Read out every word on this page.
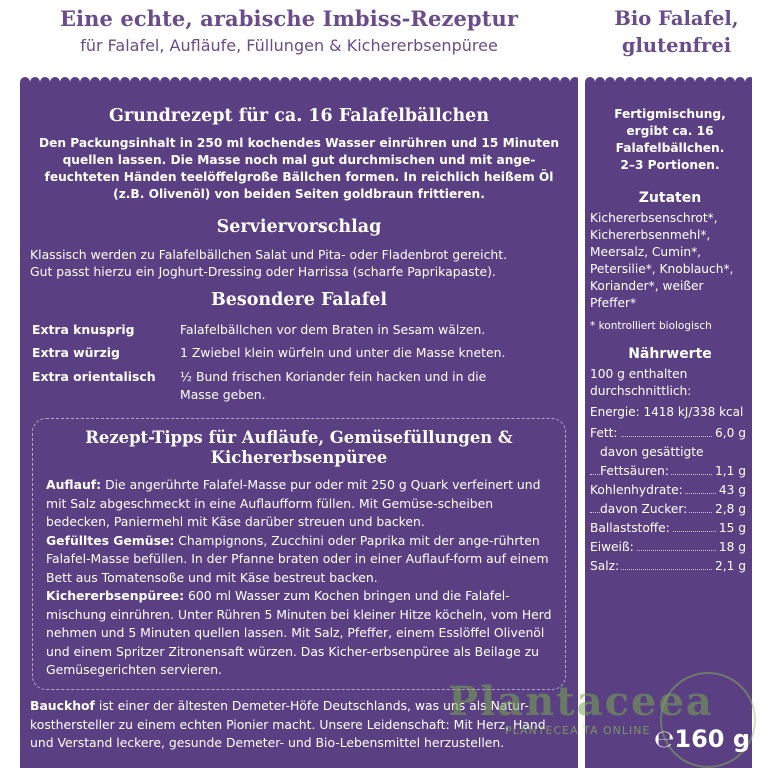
Eine echte, arabische Imbiss-Rezeptur

für Falafel, Aufläufe, Füllungen & Kichererbsenpüree

Bio Falafel,
glutenfrei
Grundrezept für ca. 16 Falafelbällchen
Den Packungsinhalt in 250 ml kochendes Wasser einrühren und 15 Minuten
quellen lassen. Die Masse noch mal gut durchmischen und mit ange-
feuchteten Händen teelöffelgroße Bällchen formen. In reichlich heißem Öl
(z.B. Olivenöl) von beiden Seiten goldbraun frittieren.
Serviervorschlag
Klassisch werden zu Falafelbällchen Salat und Pita- oder Fladenbrot gereicht.
Gut passt hierzu ein Joghurt-Dressing oder Harrissa (scharfe Paprikapaste).
Besondere Falafel
Extra knusprig	Falafelbällchen vor dem Braten in Sesam wälzen.
Extra würzig	1 Zwiebel klein würfeln und unter die Masse kneten.
Extra orientalisch	½ Bund frischen Koriander fein hacken und in die
Masse geben.
Rezept-Tipps für Aufläufe, Gemüsefüllungen &
Kichererbsenpüree

Auflauf: Die angerührte Falafel-Masse pur oder mit 250 g Quark verfeinert und mit Salz abgeschmeckt in eine Auflaufform füllen. Mit Gemüse-scheiben bedecken, Paniermehl mit Käse darüber streuen und backen.

Gefülltes Gemüse: Champignons, Zucchini oder Paprika mit der ange-rührten Falafel-Masse befüllen. In der Pfanne braten oder in einer Auflauf-form auf einem Bett aus Tomatensoße und mit Käse bestreut backen.

Kichererbsenpüree: 600 ml Wasser zum Kochen bringen und die Falafel-mischung einrühren. Unter Rühren 5 Minuten bei kleiner Hitze köcheln, vom Herd nehmen und 5 Minuten quellen lassen. Mit Salz, Pfeffer, einem Esslöffel Olivenöl und einem Spritzer Zitronensaft würzen. Das Kicher-erbsenpüree als Beilage zu Gemüsegerichten servieren.

Bauckhof ist einer der ältesten Demeter-Höfe Deutschlands, was uns als Natur-kosthersteller zu einem echten Pionier macht. Unsere Leidenschaft: Mit Herz, Hand und Verstand leckere, gesunde Demeter- und Bio-Lebensmittel herzustellen.
Fertigmischung,
ergibt ca. 16
Falafelbällchen.
2–3 Portionen.
Zutaten
Kichererbsenschrot*,
Kichererbsenmehl*,
Meersalz, Cumin*,
Petersilie*, Knoblauch*,
Koriander*, weißer
Pfeffer*
* kontrolliert biologisch
Nährwerte
100 g enthalten
durchschnittlich:
Energie: 1418 kJ/338 kcal
Fett:	6,0 g
davon gesättigte
Fettsäuren:	1,1 g
Kohlenhydrate:	43 g
davon Zucker: 2,8 g
Ballaststoffe:	15 g
Eiweiß:	18 g
Salz:	2,1 g
Plantaceea
PLANTECEA TA ONLINE ℮160 g
